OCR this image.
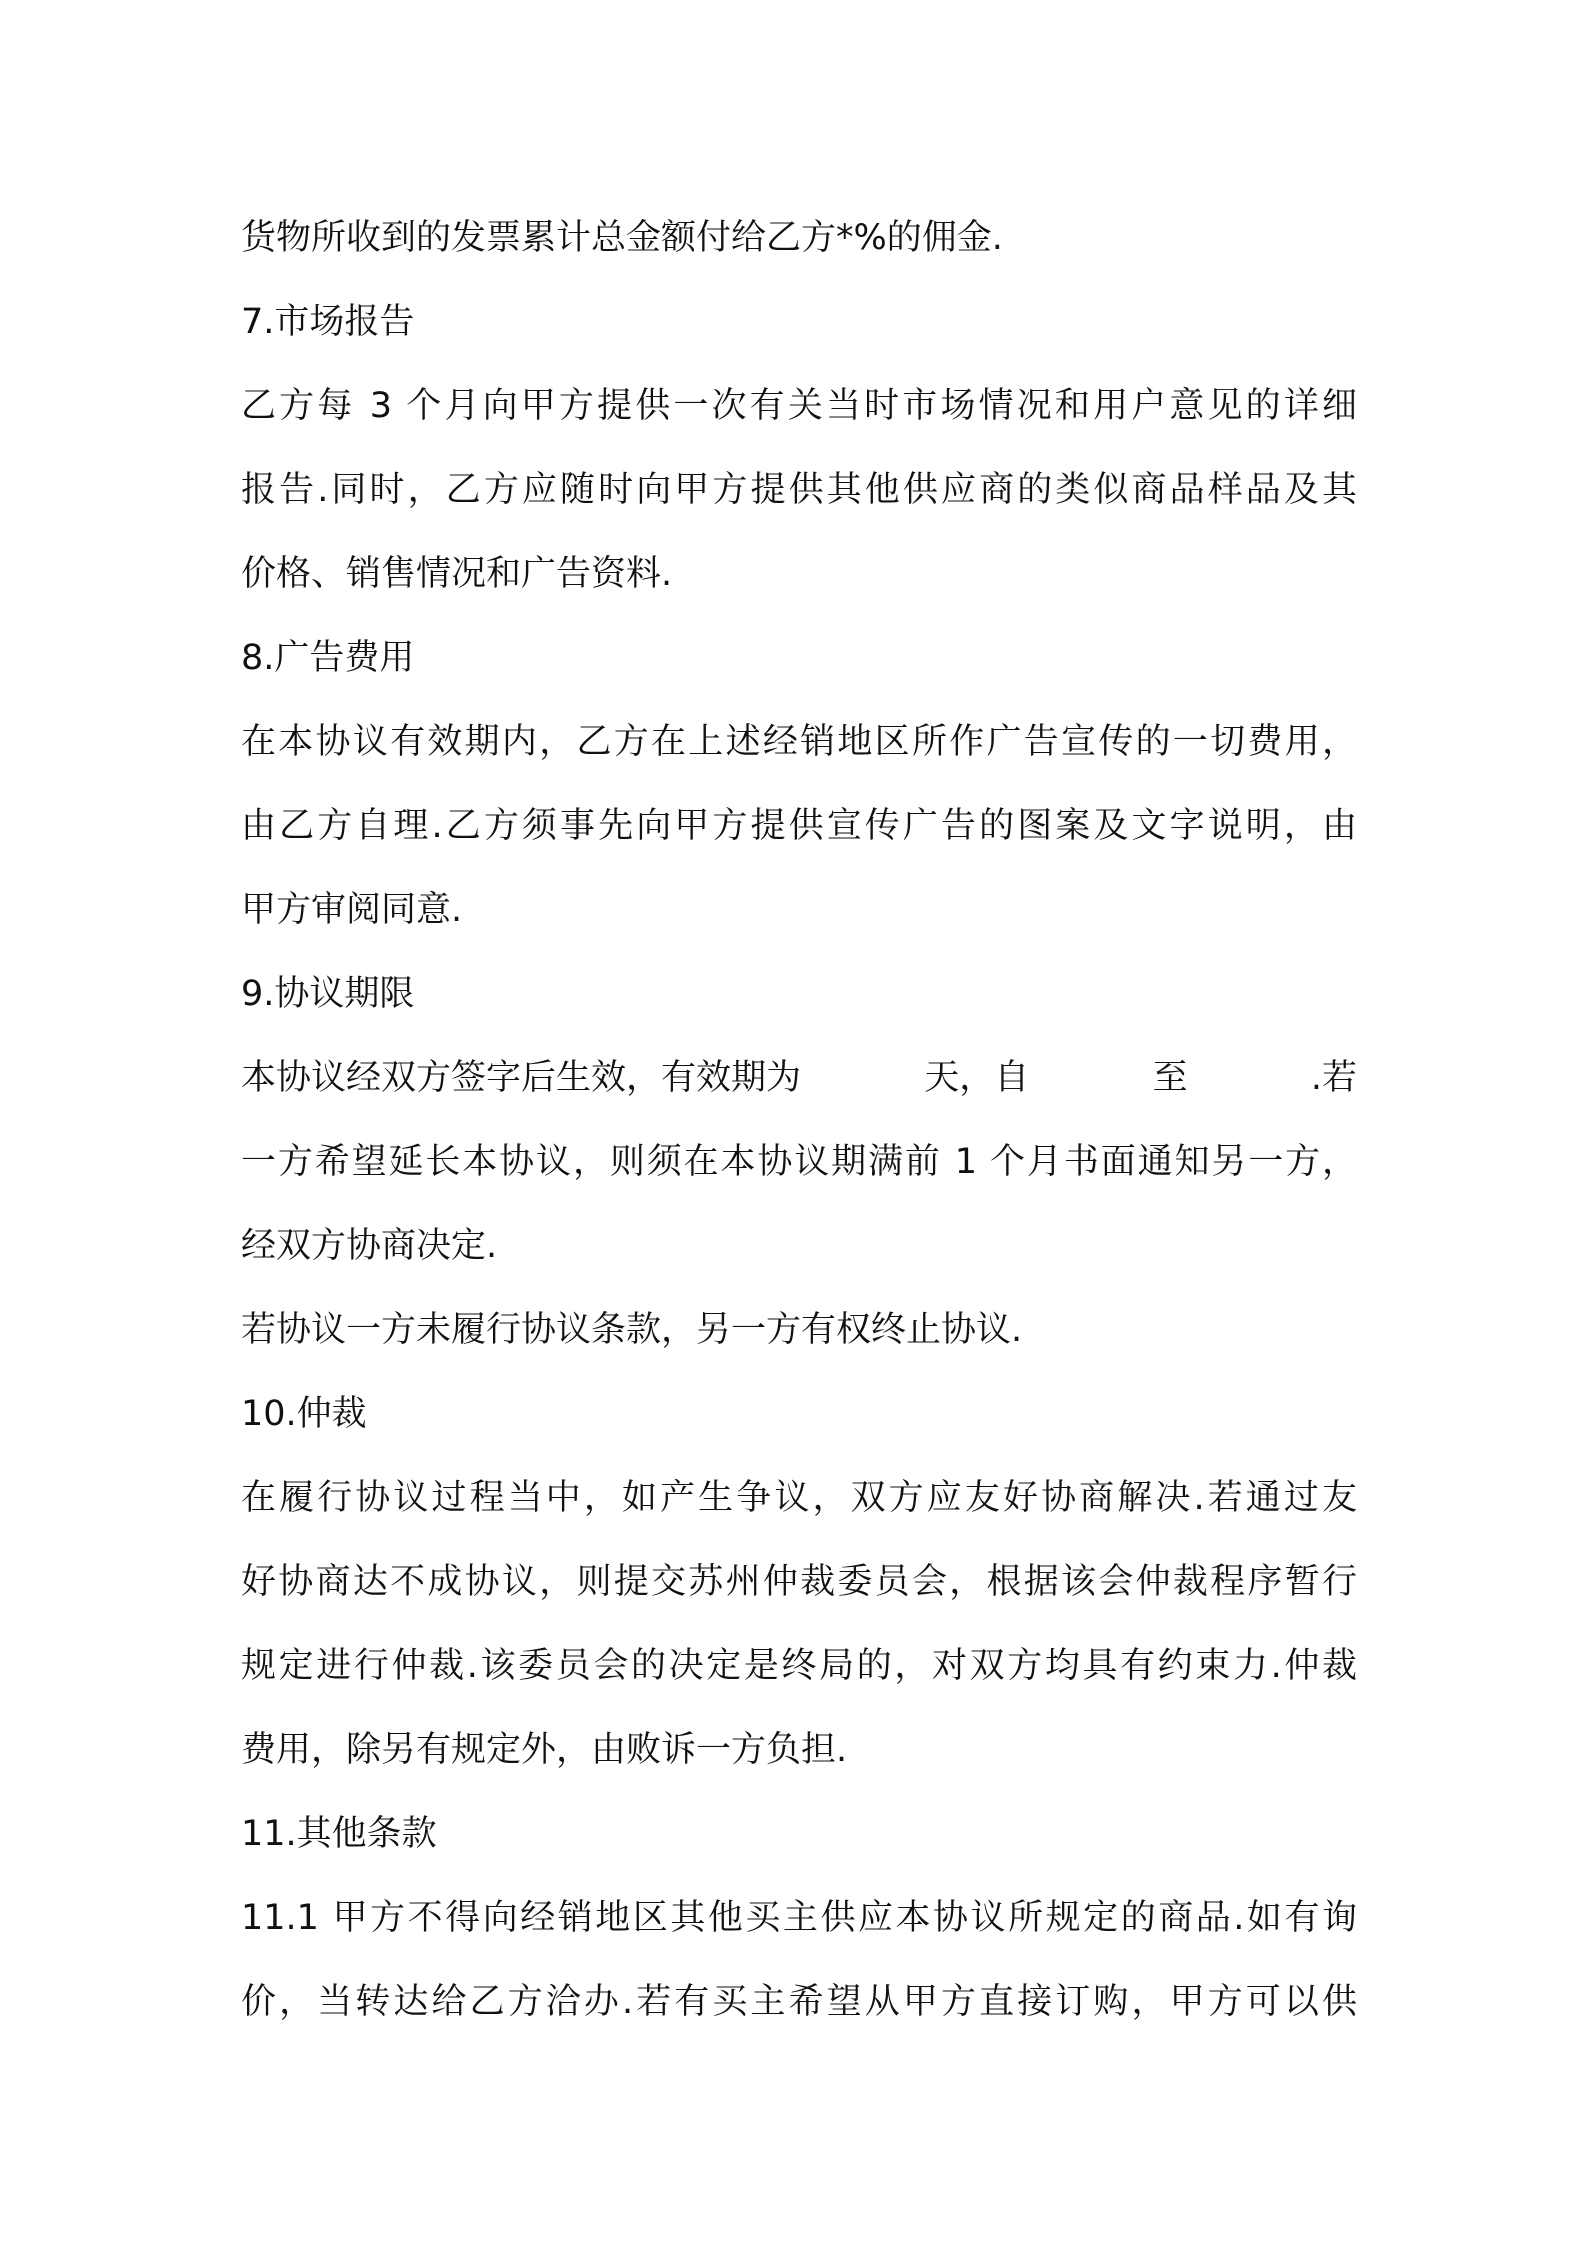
货物所收到的发票累计总金额付给乙方*%的佣金.
7.市场报告
乙方每 3 个月向甲方提供一次有关当时市场情况和用户意见的详细
报告.同时，乙方应随时向甲方提供其他供应商的类似商品样品及其
价格、销售情况和广告资料.
8.广告费用
在本协议有效期内，乙方在上述经销地区所作广告宣传的一切费用，
由乙方自理.乙方须事先向甲方提供宣传广告的图案及文字说明，由
甲方审阅同意.
9.协议期限
本协议经双方签字后生效，有效期为	天，自	至	.若
一方希望延长本协议，则须在本协议期满前 1 个月书面通知另一方，
经双方协商决定.
若协议一方未履行协议条款，另一方有权终止协议.
10.仲裁
在履行协议过程当中，如产生争议，双方应友好协商解决.若通过友
好协商达不成协议，则提交苏州仲裁委员会，根据该会仲裁程序暂行
规定进行仲裁.该委员会的决定是终局的，对双方均具有约束力.仲裁
费用，除另有规定外，由败诉一方负担.
11.其他条款
11.1 甲方不得向经销地区其他买主供应本协议所规定的商品.如有询
价，当转达给乙方洽办.若有买主希望从甲方直接订购，甲方可以供
